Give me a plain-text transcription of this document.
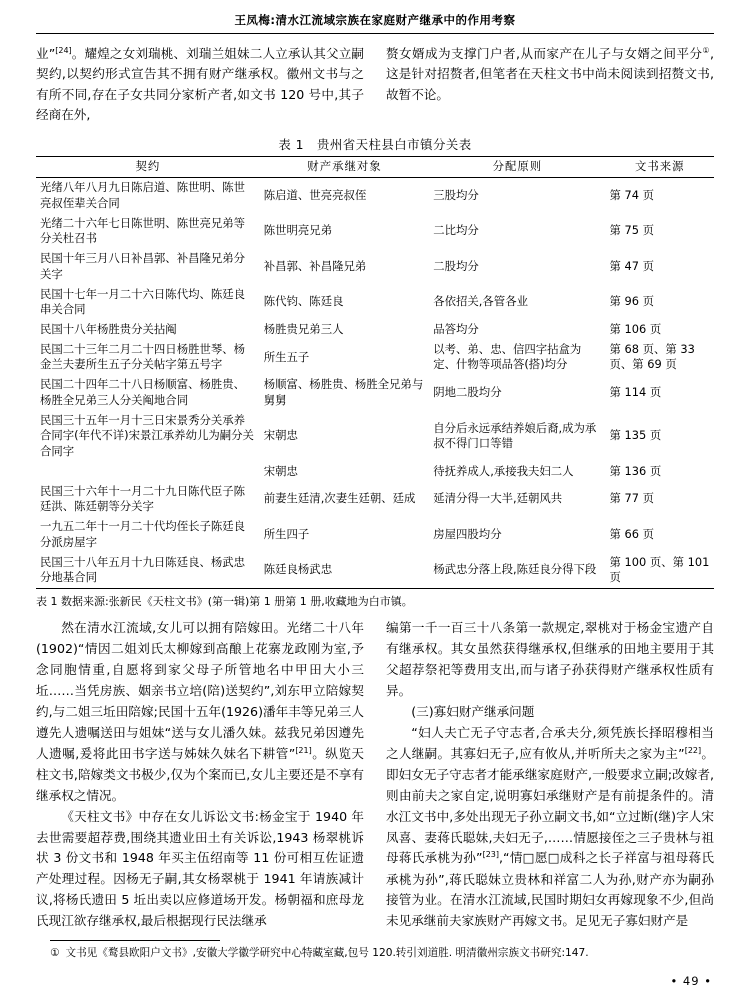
王凤梅:清水江流域宗族在家庭财产继承中的作用考察

业”[24]。耀煌之女刘瑞桃、刘瑞兰姐妹二人立承认其父立嗣契约,以契约形式宣告其不拥有财产继承权。徽州文书与之有所不同,存在子女共同分家析产者,如文书 120 号中,其子经商在外,

赘女婿成为支撑门户者,从而家产在儿子与女婿之间平分①,这是针对招赘者,但笔者在天柱文书中尚未阅读到招赘文书,故暂不论。

表 1　贵州省天柱县白市镇分关表
契约	财产承继对象	分配原则	文书来源
光绪八年八月九日陈启道、陈世明、陈世亮叔侄辈关合同	陈启道、世亮亮叔侄	三股均分	第 74 页
光绪二十六年七日陈世明、陈世亮兄弟等分关杜召书	陈世明亮兄弟	二比均分	第 75 页
民国十年三月八日补昌郭、补昌隆兄弟分关字	补昌郭、补昌隆兄弟	二股均分	第 47 页
民国十七年一月二十六日陈代均、陈廷良串关合同	陈代钧、陈廷良	各依招关,各管各业	第 96 页
民国十八年杨胜贵分关拈阄	杨胜贵兄弟三人	品答均分	第 106 页
民国二十三年二月二十四日杨胜世琴、杨金兰夫妻所生五子分关帖字第五号字	所生五子	以考、弟、忠、信四字拈盒为定、什物等项品答(搭)均分	第 68 页、第 33 页、第 69 页
民国二十四年二十八日杨顺富、杨胜贵、杨胜全兄弟三人分关阄地合同	杨顺富、杨胜贵、杨胜全兄弟与舅舅	阴地二股均分	第 114 页
民国三十五年一月十三日宋景秀分关承养合同字(年代不详)宋景江承养幼儿为嗣分关合同字	宋朝忠	自分后永远承结养娘后裔,成为承叔不得门口等错	第 135 页
	宋朝忠	待抚养成人,承接我夫妇二人	第 136 页
民国三十六年十一月二十九日陈代臣子陈廷洪、陈廷朝等分关字	前妻生廷清,次妻生廷朝、廷成	延清分得一大半,廷朝风共	第 77 页
一九五二年十一月二十代均侄长子陈廷良分派房屋字	所生四子	房屋四股均分	第 66 页
民国三十八年五月十九日陈廷良、杨武忠分地基合同	陈廷良杨武忠	杨武忠分落上段,陈廷良分得下段	第 100 页、第 101 页
表 1 数据来源:张新民《天柱文书》(第一辑)第 1 册第 1 册,收藏地为白市镇。

然在清水江流域,女儿可以拥有陪嫁田。光绪二十八年(1902)“情因二姐刘氏太柳嫁到高酿上花寨龙政刚为室,予念同胞情重,自愿将到家父母子所管地名中甲田大小三坵……当凭房族、姻亲书立培(陪)送契约”,刘东甲立陪嫁契约,与二姐三坵田陪嫁;民国十五年(1926)潘年丰等兄弟三人遵先人遗嘱送田与姐妹“送与女儿潘久妹。兹我兄弟因遵先人遗嘱,爰将此田书字送与姊妹久妹名下耕管”[21]。纵览天柱文书,陪嫁类文书极少,仅为个案而已,女儿主要还是不享有继承权之情况。

《天柱文书》中存在女儿诉讼文书:杨金宝于 1940 年去世需要超荐费,围绕其遗业田土有关诉讼,1943 杨翠桃诉状 3 份文书和 1948 年买主伍绍南等 11 份可相互佐证遗产处理过程。因杨无子嗣,其女杨翠桃于 1941 年请族减计议,将杨氏遗田 5 坵出卖以应修道场开发。杨朝福和庶母龙氏现江欲存继承权,最后根据现行民法继承

编第一千一百三十八条第一款规定,翠桃对于杨金宝遗产自有继承权。其女虽然获得继承权,但继承的田地主要用于其父超荐祭祀等费用支出,而与诸子孙获得财产继承权性质有异。

(三)寡妇财产继承问题

“妇人夫亡无子守志者,合承夫分,须凭族长择昭穆相当之人继嗣。其寡妇无子,应有攸从,并听所夫之家为主”[22]。即妇女无子守志者才能承继家庭财产,一般要求立嗣;改嫁者,则由前夫之家自定,说明寡妇承继财产是有前提条件的。清水江文书中,多处出现无子孙立嗣文书,如“立过断(继)字人宋凤喜、妻蒋氏聪妹,夫妇无子,……情愿接侄之三子贵林与祖母蒋氏承桃为孙”[23],“情□愿□成科之长子祥富与祖母蒋氏承桃为孙”,蒋氏聪妹立贵林和祥富二人为孙,财产亦为嗣孙接管为业。在清水江流域,民国时期妇女再嫁现象不少,但尚未见承继前夫家族财产再嫁文书。足见无子寡妇财产是

① 文书见《鹜县欧阳户文书》,安徽大学徽学研究中心特藏室藏,包号 120.转引刘道胜. 明清徽州宗族文书研究:147.
• 49 •
